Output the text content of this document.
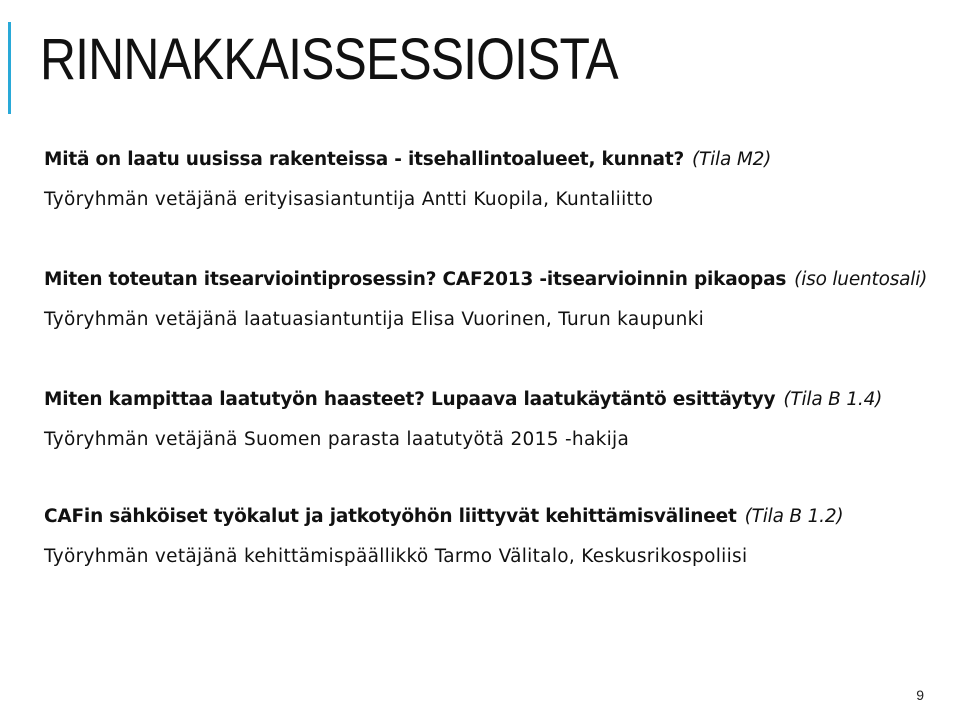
RINNAKKAISSESSIOISTA
Mitä on laatu uusissa rakenteissa - itsehallintoalueet, kunnat? (Tila M2)
Työryhmän vetäjänä erityisasiantuntija Antti Kuopila, Kuntaliitto
Miten toteutan itsearviointiprosessin? CAF2013 -itsearvioinnin pikaopas (iso luentosali)
Työryhmän vetäjänä laatuasiantuntija Elisa Vuorinen, Turun kaupunki
Miten kampittaa laatutyön haasteet? Lupaava laatukäytäntö esittäytyy (Tila B 1.4)
Työryhmän vetäjänä Suomen parasta laatutyötä 2015 -hakija
CAFin sähköiset työkalut ja jatkotyöhön liittyvät kehittämisvälineet (Tila B 1.2)
Työryhmän vetäjänä kehittämispäällikkö Tarmo Välitalo, Keskusrikospoliisi
9
